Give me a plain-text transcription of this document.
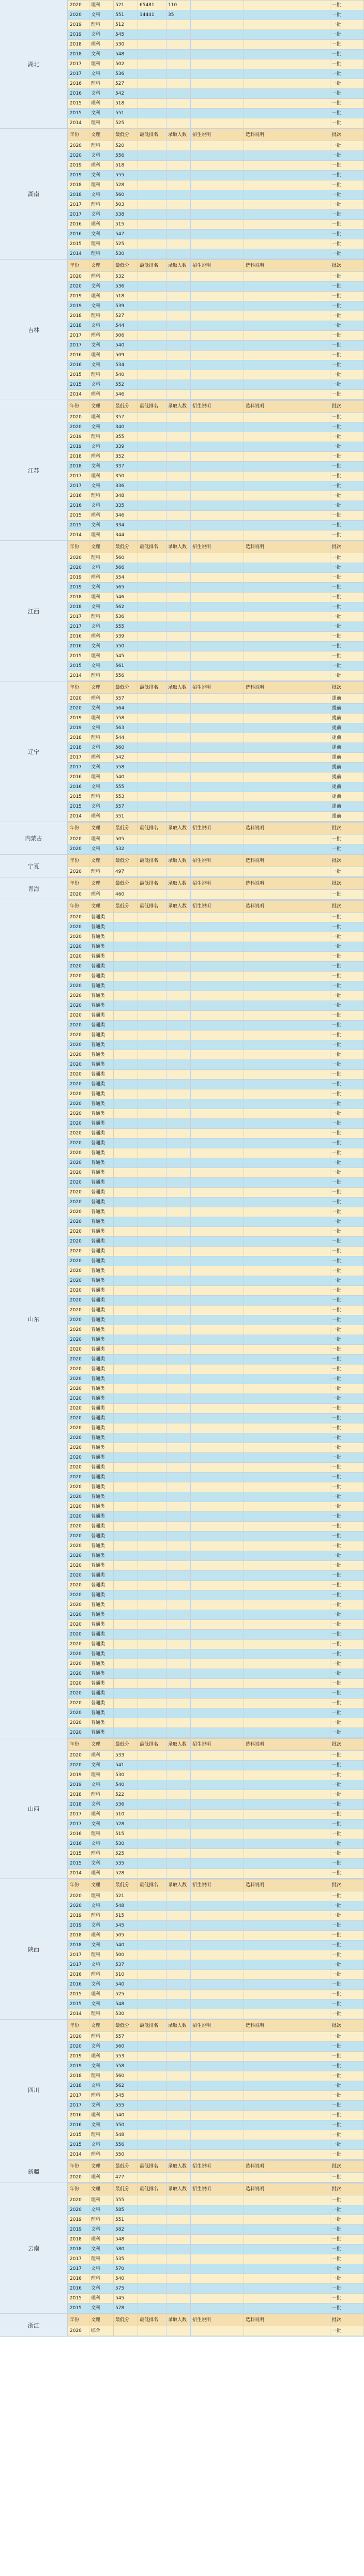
湖北
2020	理科	521	65481	110			一批
2020	文科	551	14441	35			一批
2019	理科	512					一批
2019	文科	545					一批
2018	理科	530					一批
2018	文科	548					一批
2017	理科	502					一批
2017	文科	536					一批
2016	理科	527					一批
2016	文科	542					一批
2015	理科	518					一批
2015	文科	551					一批
2014	理科	525					一批
湖南
年份	文理	最低分	最低排名	录取人数	招生说明	选科说明	批次
2020	理科	520					一批
2020	文科	556					一批
2019	理科	518					一批
2019	文科	555					一批
2018	理科	528					一批
2018	文科	560					一批
2017	理科	503					一批
2017	文科	538					一批
2016	理科	515					一批
2016	文科	547					一批
2015	理科	525					一批
2014	理科	530					一批
吉林
年份	文理	最低分	最低排名	录取人数	招生说明	选科说明	批次
2020	理科	532					一批
2020	文科	536					一批
2019	理科	518					一批
2019	文科	539					一批
2018	理科	527					一批
2018	文科	544					一批
2017	理科	506					一批
2017	文科	540					一批
2016	理科	509					一批
2016	文科	534					一批
2015	理科	540					一批
2015	文科	552					一批
2014	理科	546					一批
江苏
年份	文理	最低分	最低排名	录取人数	招生说明	选科说明	批次
2020	理科	357					一批
2020	文科	340					一批
2019	理科	355					一批
2019	文科	339					一批
2018	理科	352					一批
2018	文科	337					一批
2017	理科	350					一批
2017	文科	336					一批
2016	理科	348					一批
2016	文科	335					一批
2015	理科	346					一批
2015	文科	334					一批
2014	理科	344					一批
江西
年份	文理	最低分	最低排名	录取人数	招生说明	选科说明	批次
2020	理科	560					一批
2020	文科	566					一批
2019	理科	554					一批
2019	文科	565					一批
2018	理科	546					一批
2018	文科	562					一批
2017	理科	536					一批
2017	文科	555					一批
2016	理科	539					一批
2016	文科	550					一批
2015	理科	545					一批
2015	文科	561					一批
2014	理科	556					一批
辽宁
年份	文理	最低分	最低排名	录取人数	招生说明	选科说明	批次
2020	理科	557					提前
2020	文科	564					提前
2019	理科	558					提前
2019	文科	563					提前
2018	理科	544					提前
2018	文科	560					提前
2017	理科	542					提前
2017	文科	558					提前
2016	理科	540					提前
2016	文科	555					提前
2015	理科	553					提前
2015	文科	557					提前
2014	理科	551					提前
内蒙古
年份	文理	最低分	最低排名	录取人数	招生说明	选科说明	批次
2020	理科	505					一批
2020	文科	532					一批
宁夏
年份	文理	最低分	最低排名	录取人数	招生说明	选科说明	批次
2020	理科	497					一批
青海
年份	文理	最低分	最低排名	录取人数	招生说明	选科说明	批次
2020	理科	460					一批
山东
年份	文理	最低分	最低排名	录取人数	招生说明	选科说明	批次
2020	普通类						一批
2020	普通类						一批
2020	普通类						一批
2020	普通类						一批
2020	普通类						一批
2020	普通类						一批
2020	普通类						一批
2020	普通类						一批
2020	普通类						一批
2020	普通类						一批
2020	普通类						一批
2020	普通类						一批
2020	普通类						一批
2020	普通类						一批
2020	普通类						一批
2020	普通类						一批
2020	普通类						一批
2020	普通类						一批
2020	普通类						一批
2020	普通类						一批
2020	普通类						一批
2020	普通类						一批
2020	普通类						一批
2020	普通类						一批
2020	普通类						一批
2020	普通类						一批
2020	普通类						一批
2020	普通类						一批
2020	普通类						一批
2020	普通类						一批
2020	普通类						一批
2020	普通类						一批
2020	普通类						一批
2020	普通类						一批
2020	普通类						一批
2020	普通类						一批
2020	普通类						一批
2020	普通类						一批
2020	普通类						一批
2020	普通类						一批
2020	普通类						一批
2020	普通类						一批
2020	普通类						一批
2020	普通类						一批
2020	普通类						一批
2020	普通类						一批
2020	普通类						一批
2020	普通类						一批
2020	普通类						一批
2020	普通类						一批
2020	普通类						一批
2020	普通类						一批
2020	普通类						一批
2020	普通类						一批
2020	普通类						一批
2020	普通类						一批
2020	普通类						一批
2020	普通类						一批
2020	普通类						一批
2020	普通类						一批
2020	普通类						一批
2020	普通类						一批
2020	普通类						一批
2020	普通类						一批
2020	普通类						一批
2020	普通类						一批
2020	普通类						一批
2020	普通类						一批
2020	普通类						一批
2020	普通类						一批
2020	普通类						一批
2020	普通类						一批
2020	普通类						一批
2020	普通类						一批
2020	普通类						一批
2020	普通类						一批
2020	普通类						一批
2020	普通类						一批
2020	普通类						一批
2020	普通类						一批
2020	普通类						一批
2020	普通类						一批
2020	普通类						一批
2020	普通类						一批
山西
年份	文理	最低分	最低排名	录取人数	招生说明	选科说明	批次
2020	理科	533					一批
2020	文科	541					一批
2019	理科	530					一批
2019	文科	540					一批
2018	理科	522					一批
2018	文科	536					一批
2017	理科	510					一批
2017	文科	528					一批
2016	理科	515					一批
2016	文科	530					一批
2015	理科	525					一批
2015	文科	535					一批
2014	理科	528					一批
陕西
年份	文理	最低分	最低排名	录取人数	招生说明	选科说明	批次
2020	理科	521					一批
2020	文科	548					一批
2019	理科	515					一批
2019	文科	545					一批
2018	理科	505					一批
2018	文科	540					一批
2017	理科	500					一批
2017	文科	537					一批
2016	理科	510					一批
2016	文科	540					一批
2015	理科	525					一批
2015	文科	548					一批
2014	理科	530					一批
四川
年份	文理	最低分	最低排名	录取人数	招生说明	选科说明	批次
2020	理科	557					一批
2020	文科	560					一批
2019	理科	553					一批
2019	文科	558					一批
2018	理科	560					一批
2018	文科	562					一批
2017	理科	545					一批
2017	文科	555					一批
2016	理科	540					一批
2016	文科	550					一批
2015	理科	548					一批
2015	文科	556					一批
2014	理科	550					一批
新疆
年份	文理	最低分	最低排名	录取人数	招生说明	选科说明	批次
2020	理科	477					一批
云南
年份	文理	最低分	最低排名	录取人数	招生说明	选科说明	批次
2020	理科	555					一批
2020	文科	585					一批
2019	理科	551					一批
2019	文科	582					一批
2018	理科	548					一批
2018	文科	580					一批
2017	理科	535					一批
2017	文科	570					一批
2016	理科	540					一批
2016	文科	575					一批
2015	理科	545					一批
2015	文科	578					一批
浙江
年份	文理	最低分	最低排名	录取人数	招生说明	选科说明	批次
2020	综合						一批
